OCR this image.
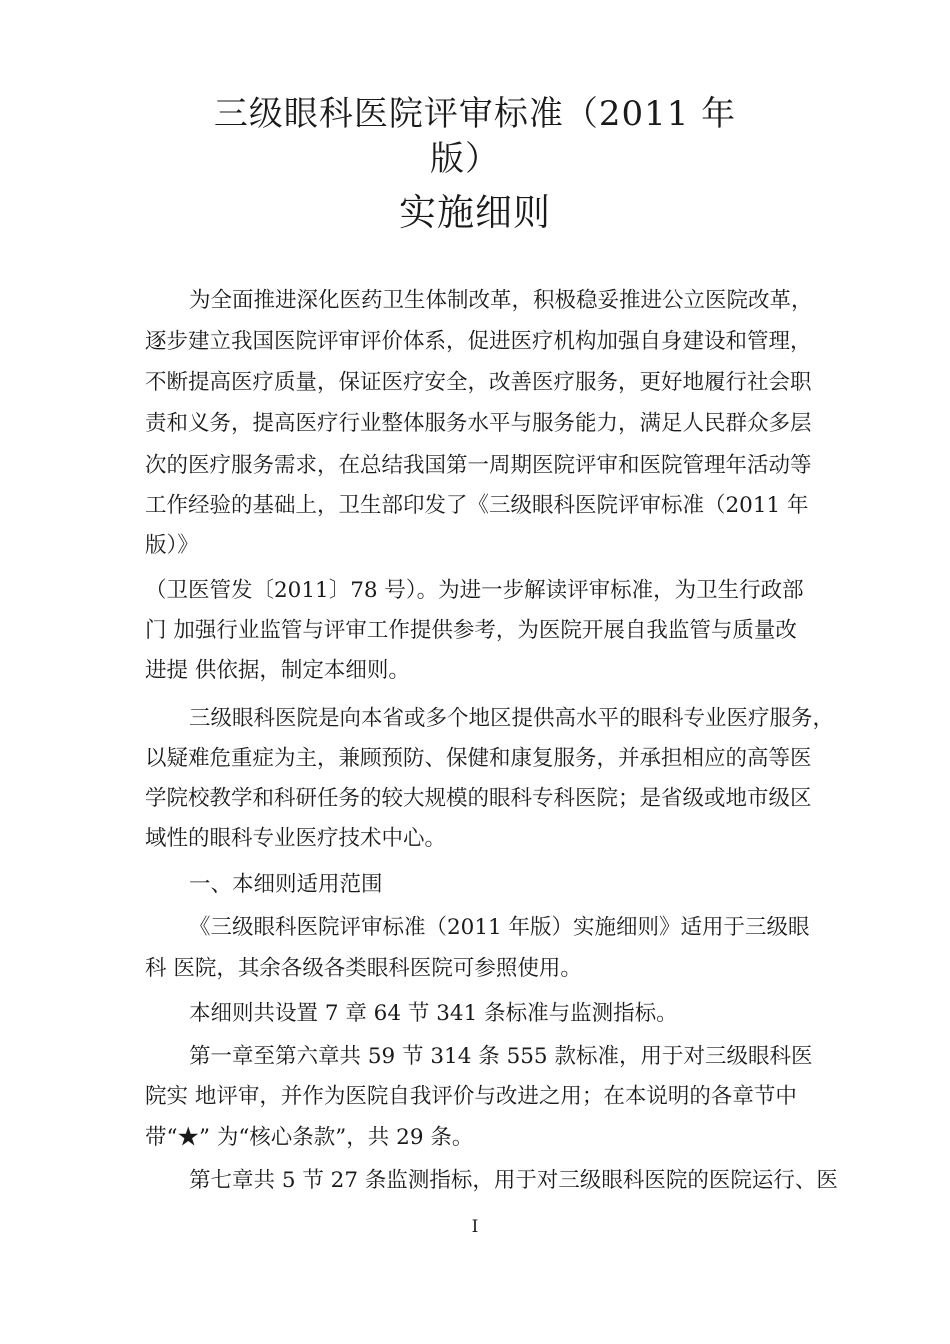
三级眼科医院评审标准（2011 年
版）
实施细则
为全面推进深化医药卫生体制改革，积极稳妥推进公立医院改革，
逐步建立我国医院评审评价体系，促进医疗机构加强自身建设和管理，
不断提高医疗质量，保证医疗安全，改善医疗服务，更好地履行社会职
责和义务，提高医疗行业整体服务水平与服务能力，满足人民群众多层
次的医疗服务需求，在总结我国第一周期医院评审和医院管理年活动等
工作经验的基础上，卫生部印发了《三级眼科医院评审标准（2011 年
版）》
（卫医管发〔2011〕78 号）。为进一步解读评审标准，为卫生行政部
门 加强行业监管与评审工作提供参考，为医院开展自我监管与质量改
进提 供依据，制定本细则。
三级眼科医院是向本省或多个地区提供高水平的眼科专业医疗服务，
以疑难危重症为主，兼顾预防、保健和康复服务，并承担相应的高等医
学院校教学和科研任务的较大规模的眼科专科医院；是省级或地市级区
域性的眼科专业医疗技术中心。
一、本细则适用范围
《三级眼科医院评审标准（2011 年版）实施细则》适用于三级眼
科 医院，其余各级各类眼科医院可参照使用。
本细则共设置 7 章 64 节 341 条标准与监测指标。
第一章至第六章共 59 节 314 条 555 款标准，用于对三级眼科医
院实 地评审，并作为医院自我评价与改进之用；在本说明的各章节中
带“★” 为“核心条款”，共 29 条。
第七章共 5 节 27 条监测指标，用于对三级眼科医院的医院运行、医
I
